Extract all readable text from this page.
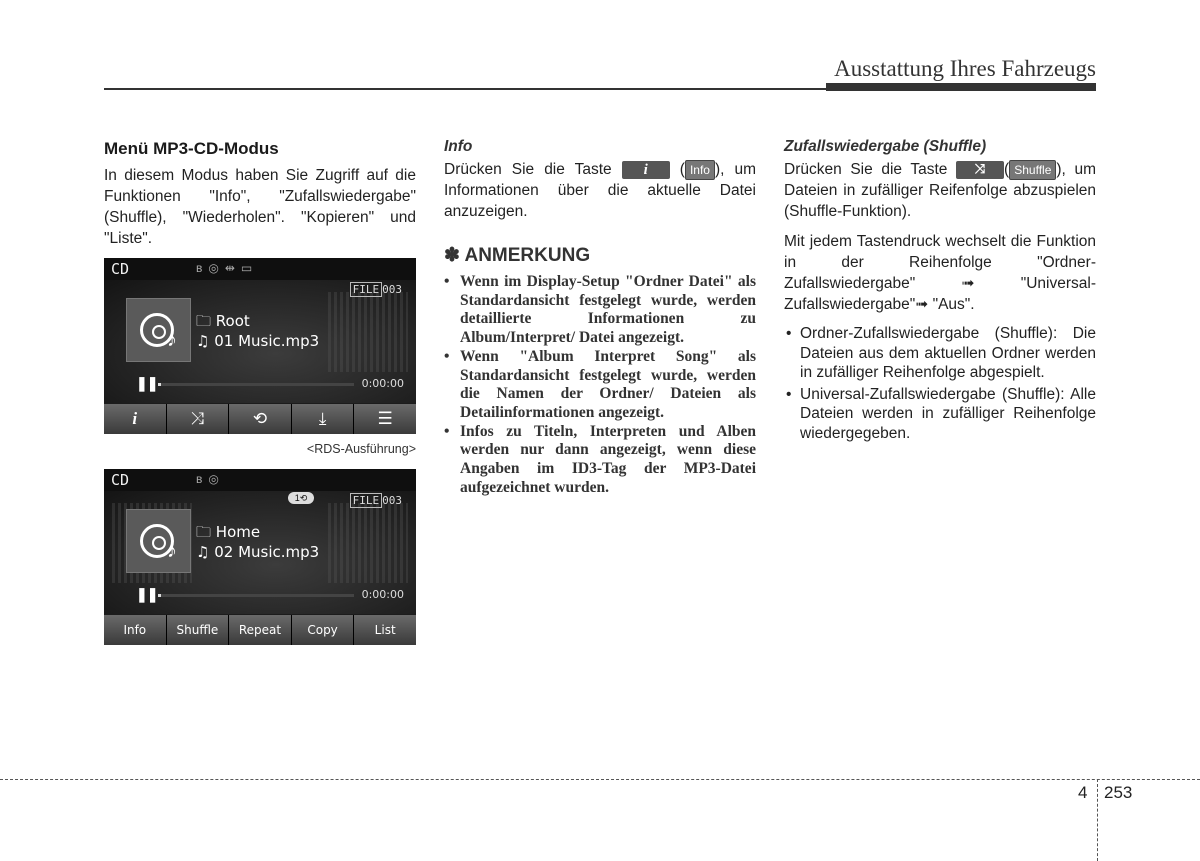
Ausstattung Ihres Fahrzeugs
Menü MP3-CD-Modus

In diesem Modus haben Sie Zugriff auf die Funktionen "Info", "Zufallswiedergabe" (Shuffle), "Wiederholen". "Kopieren" und "Liste".

CD	ʙ◎⇹▭
FILE 003
♪
🗀 Root
♫ 01 Music.mp3
❚❚	0:00:00
i	⤨	⟲	⤓	☰
<RDS-Ausführung>
CD	ʙ◎
1⟲	FILE 003
♪
🗀 Home
♫ 02 Music.mp3
❚❚	0:00:00
Info	Shuffle	Repeat	Copy	List
Info

Drücken Sie die Taste i ( Info ), um Informationen über die aktuelle Datei anzuzeigen.

✽ ANMERKUNG
• Wenn im Display-Setup "Ordner Datei" als Standardansicht festgelegt wurde, werden detaillierte Informationen zu Album/Interpret/ Datei angezeigt.
• Wenn "Album Interpret Song" als Standardansicht festgelegt wurde, werden die Namen der Ordner/ Dateien als Detailinformationen angezeigt.
• Infos zu Titeln, Interpreten und Alben werden nur dann angezeigt, wenn diese Angaben im ID3-Tag der MP3-Datei aufgezeichnet wurden.
Zufallswiedergabe (Shuffle)

Drücken Sie die Taste ⤨ ( Shuffle ), um Dateien in zufälliger Reifenfolge abzuspielen (Shuffle-Funktion).

Mit jedem Tastendruck wechselt die Funktion in der Reihenfolge "Ordner-Zufallswiedergabe" ➟ "Universal-Zufallswiedergabe"➟ "Aus".

• Ordner-Zufallswiedergabe (Shuffle): Die Dateien aus dem aktuellen Ordner werden in zufälliger Reihenfolge abgespielt.
• Universal-Zufallswiedergabe (Shuffle): Alle Dateien werden in zufälliger Reihenfolge wiedergegeben.
4 253
